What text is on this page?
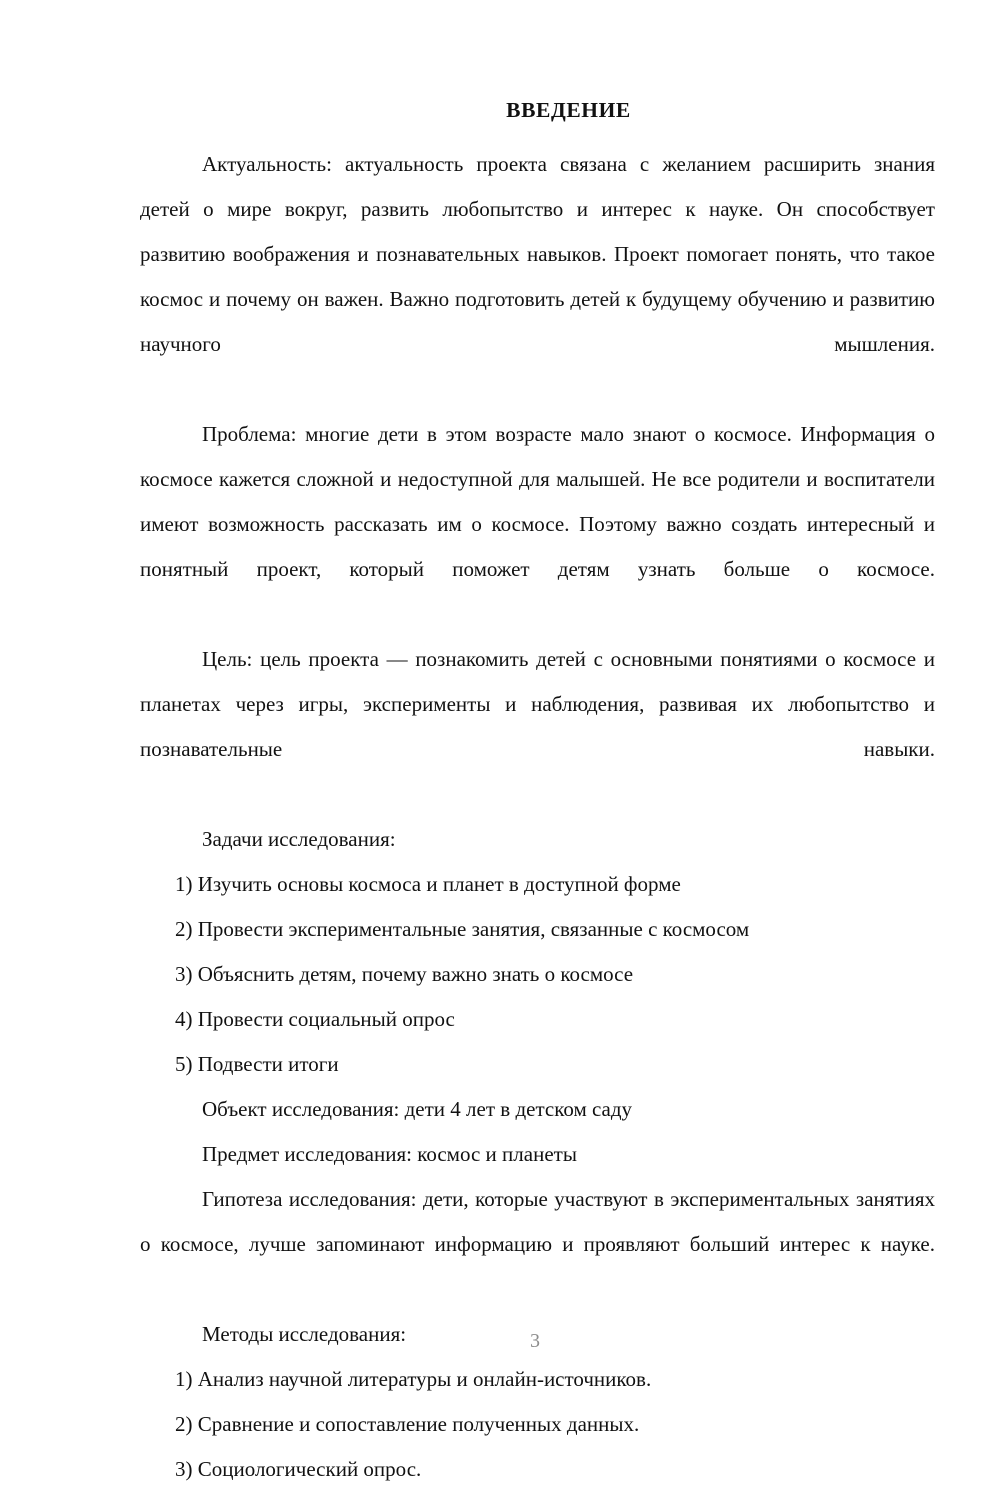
ВВЕДЕНИЕ

Актуальность: актуальность проекта связана с желанием расширить знания детей о мире вокруг, развить любопытство и интерес к науке. Он способствует развитию воображения и познавательных навыков. Проект помогает понять, что такое космос и почему он важен. Важно подготовить детей к будущему обучению и развитию научного мышления.

Проблема: многие дети в этом возрасте мало знают о космосе. Информация о космосе кажется сложной и недоступной для малышей. Не все родители и воспитатели имеют возможность рассказать им о космосе. Поэтому важно создать интересный и понятный проект, который поможет детям узнать больше о космосе.

Цель: цель проекта — познакомить детей с основными понятиями о космосе и планетах через игры, эксперименты и наблюдения, развивая их любопытство и познавательные навыки.

Задачи исследования:

1) Изучить основы космоса и планет в доступной форме

2) Провести экспериментальные занятия, связанные с космосом

3) Объяснить детям, почему важно знать о космосе

4) Провести социальный опрос

5) Подвести итоги

Объект исследования: дети 4 лет в детском саду

Предмет исследования: космос и планеты

Гипотеза исследования: дети, которые участвуют в экспериментальных занятиях о космосе, лучше запоминают информацию и проявляют больший интерес к науке.

Методы исследования:

1) Анализ научной литературы и онлайн-источников.

2) Сравнение и сопоставление полученных данных.

3) Социологический опрос.

3
